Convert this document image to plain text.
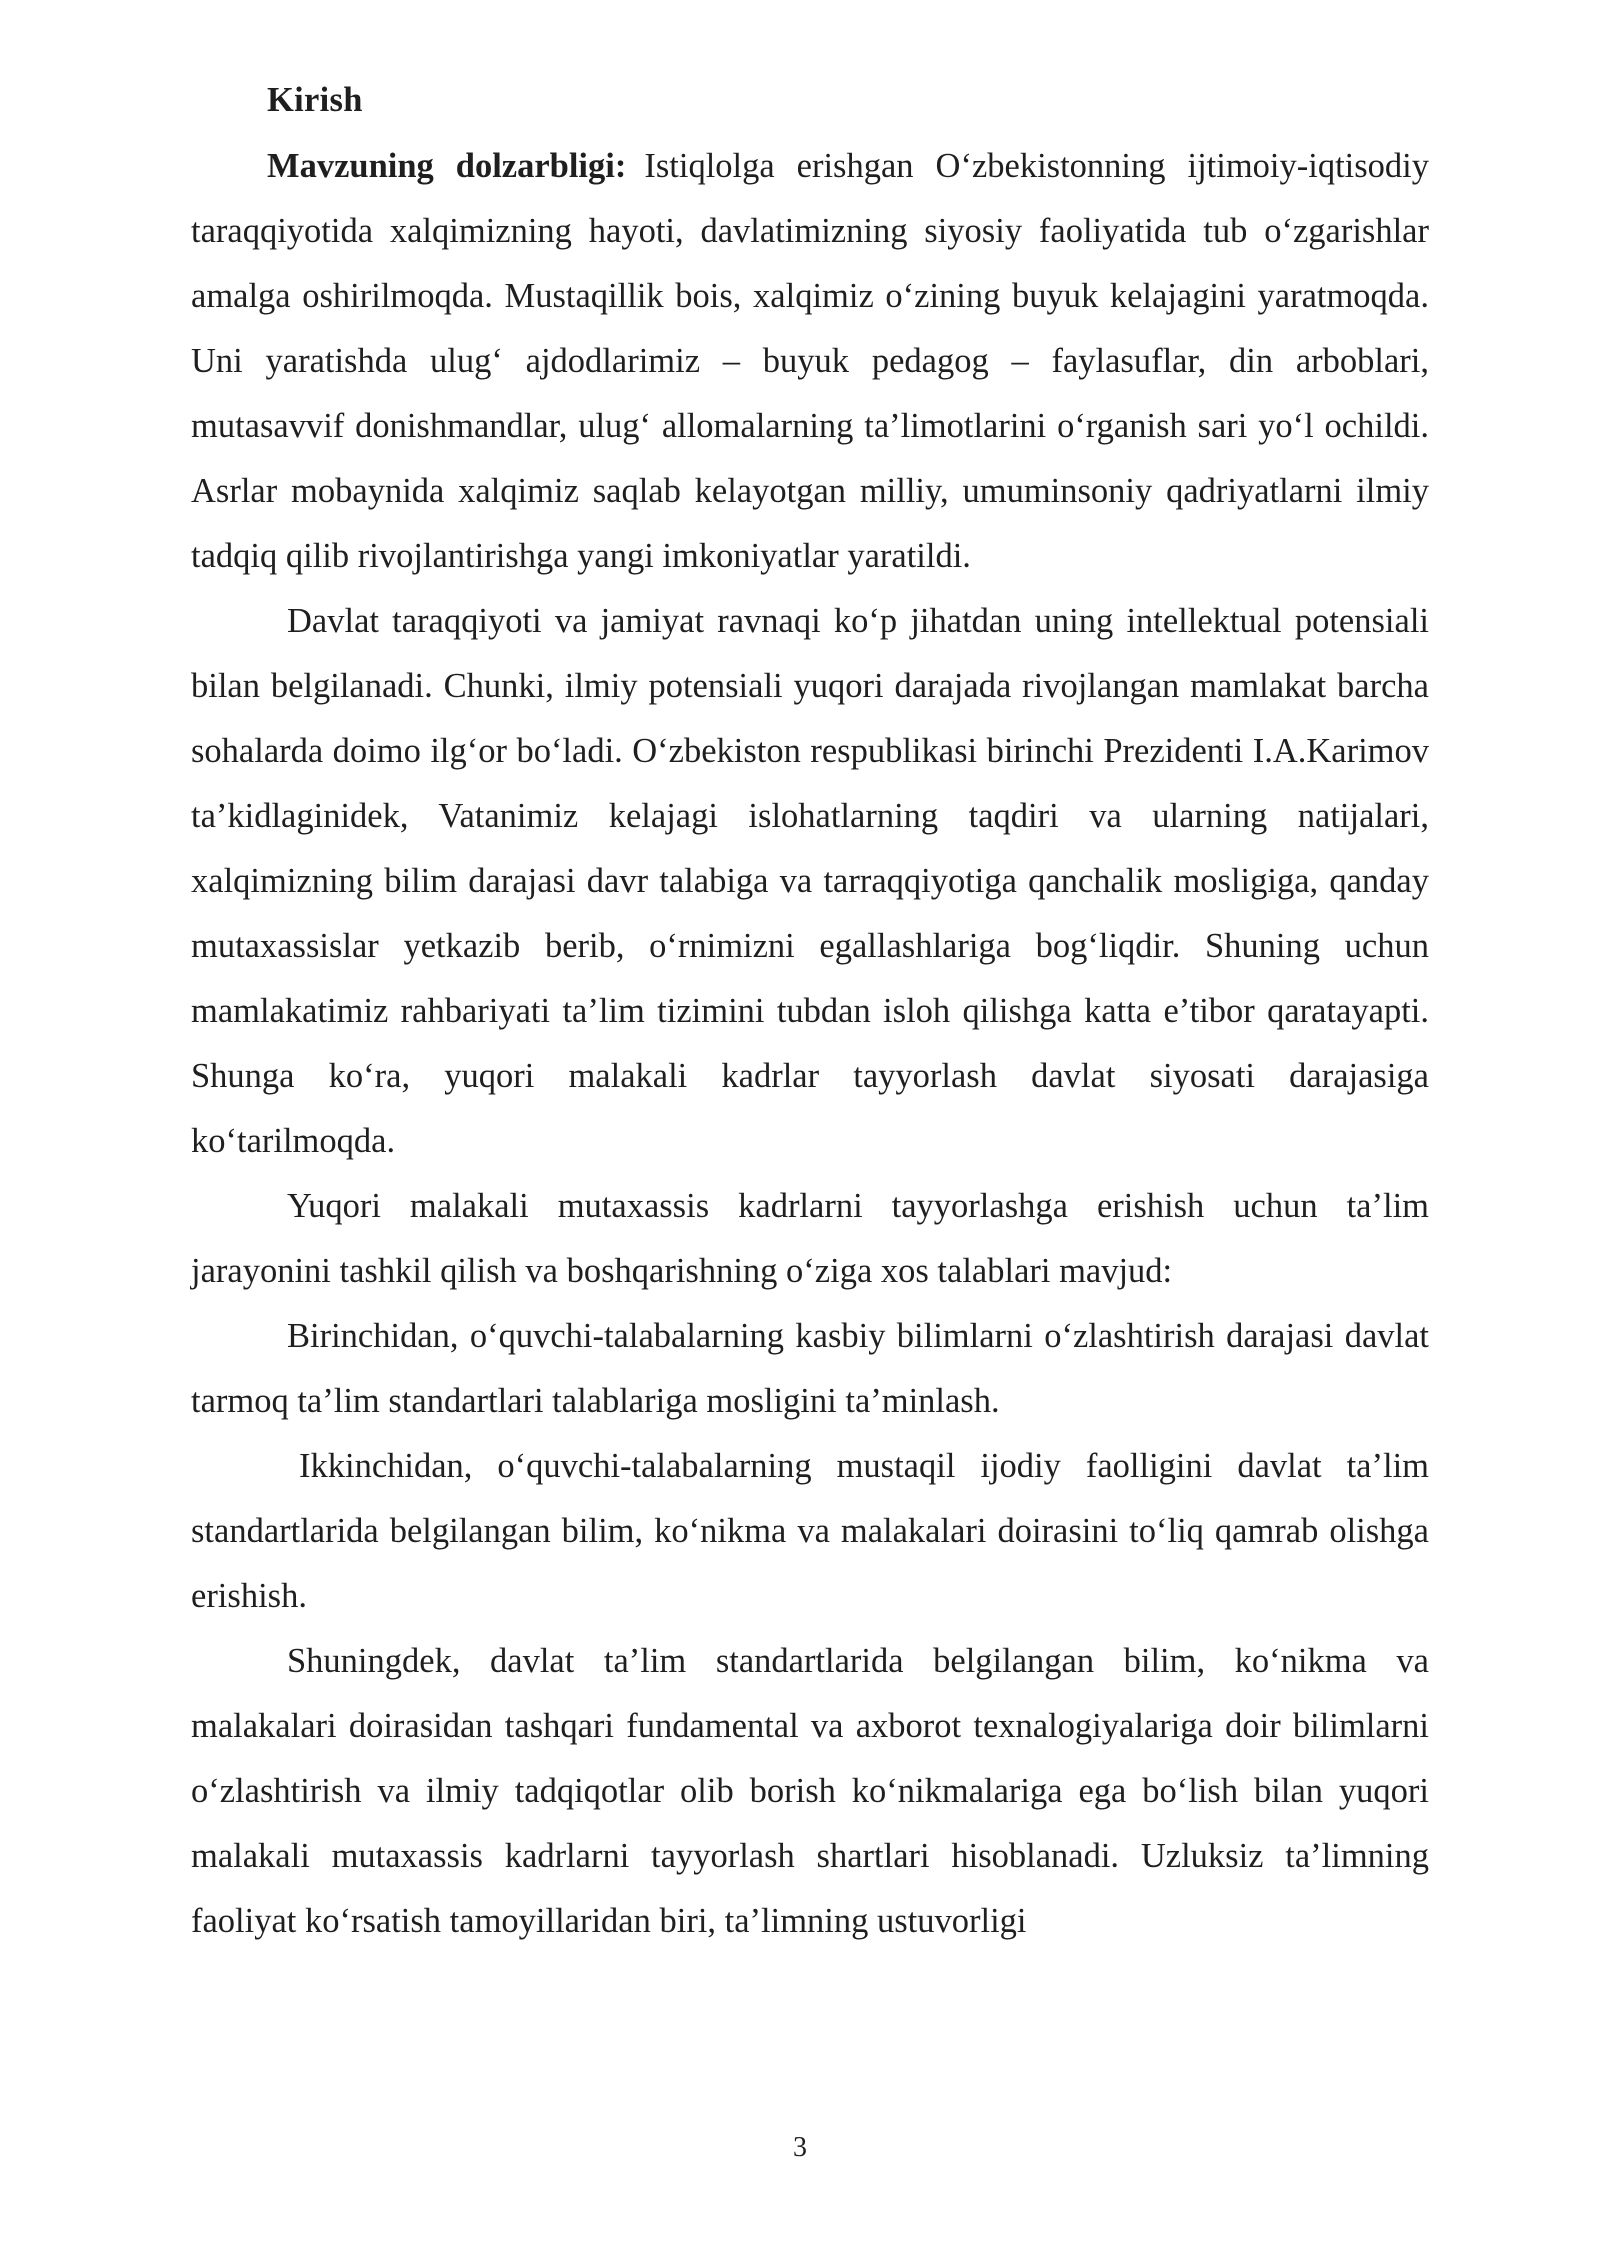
Kirish

Mavzuning dolzarbligi: Istiqlolga erishgan O‘zbekistonning ijtimoiy-iqtisodiy taraqqiyotida xalqimizning hayoti, davlatimizning siyosiy faoliyatida tub o‘zgarishlar amalga oshirilmoqda. Mustaqillik bois, xalqimiz o‘zining buyuk kelajagini yaratmoqda. Uni yaratishda ulug‘ ajdodlarimiz – buyuk pedagog – faylasuflar, din arboblari, mutasavvif donishmandlar, ulug‘ allomalarning ta’limotlarini o‘rganish sari yo‘l ochildi. Asrlar mobaynida xalqimiz saqlab kelayotgan milliy, umuminsoniy qadriyatlarni ilmiy tadqiq qilib rivojlantirishga yangi imkoniyatlar yaratildi.

Davlat taraqqiyoti va jamiyat ravnaqi ko‘p jihatdan uning intellektual potensiali bilan belgilanadi. Chunki, ilmiy potensiali yuqori darajada rivojlangan mamlakat barcha sohalarda doimo ilg‘or bo‘ladi. O‘zbekiston respublikasi birinchi Prezidenti I.A.Karimov ta’kidlaginidek, Vatanimiz kelajagi islohatlarning taqdiri va ularning natijalari, xalqimizning bilim darajasi davr talabiga va tarraqqiyotiga qanchalik mosligiga, qanday mutaxassislar yetkazib berib, o‘rnimizni egallashlariga bog‘liqdir. Shuning uchun mamlakatimiz rahbariyati ta’lim tizimini tubdan isloh qilishga katta e’tibor qaratayapti. Shunga ko‘ra, yuqori malakali kadrlar tayyorlash davlat siyosati darajasiga ko‘tarilmoqda.

Yuqori malakali mutaxassis kadrlarni tayyorlashga erishish uchun ta’lim jarayonini tashkil qilish va boshqarishning o‘ziga xos talablari mavjud:

Birinchidan, o‘quvchi-talabalarning kasbiy bilimlarni o‘zlashtirish darajasi davlat tarmoq ta’lim standartlari talablariga mosligini ta’minlash.

Ikkinchidan, o‘quvchi-talabalarning mustaqil ijodiy faolligini davlat ta’lim standartlarida belgilangan bilim, ko‘nikma va malakalari doirasini to‘liq qamrab olishga erishish.

Shuningdek, davlat ta’lim standartlarida belgilangan bilim, ko‘nikma va malakalari doirasidan tashqari fundamental va axborot texnalogiyalariga doir bilimlarni o‘zlashtirish va ilmiy tadqiqotlar olib borish ko‘nikmalariga ega bo‘lish bilan yuqori malakali mutaxassis kadrlarni tayyorlash shartlari hisoblanadi. Uzluksiz ta’limning faoliyat ko‘rsatish tamoyillaridan biri, ta’limning ustuvorligi

3
